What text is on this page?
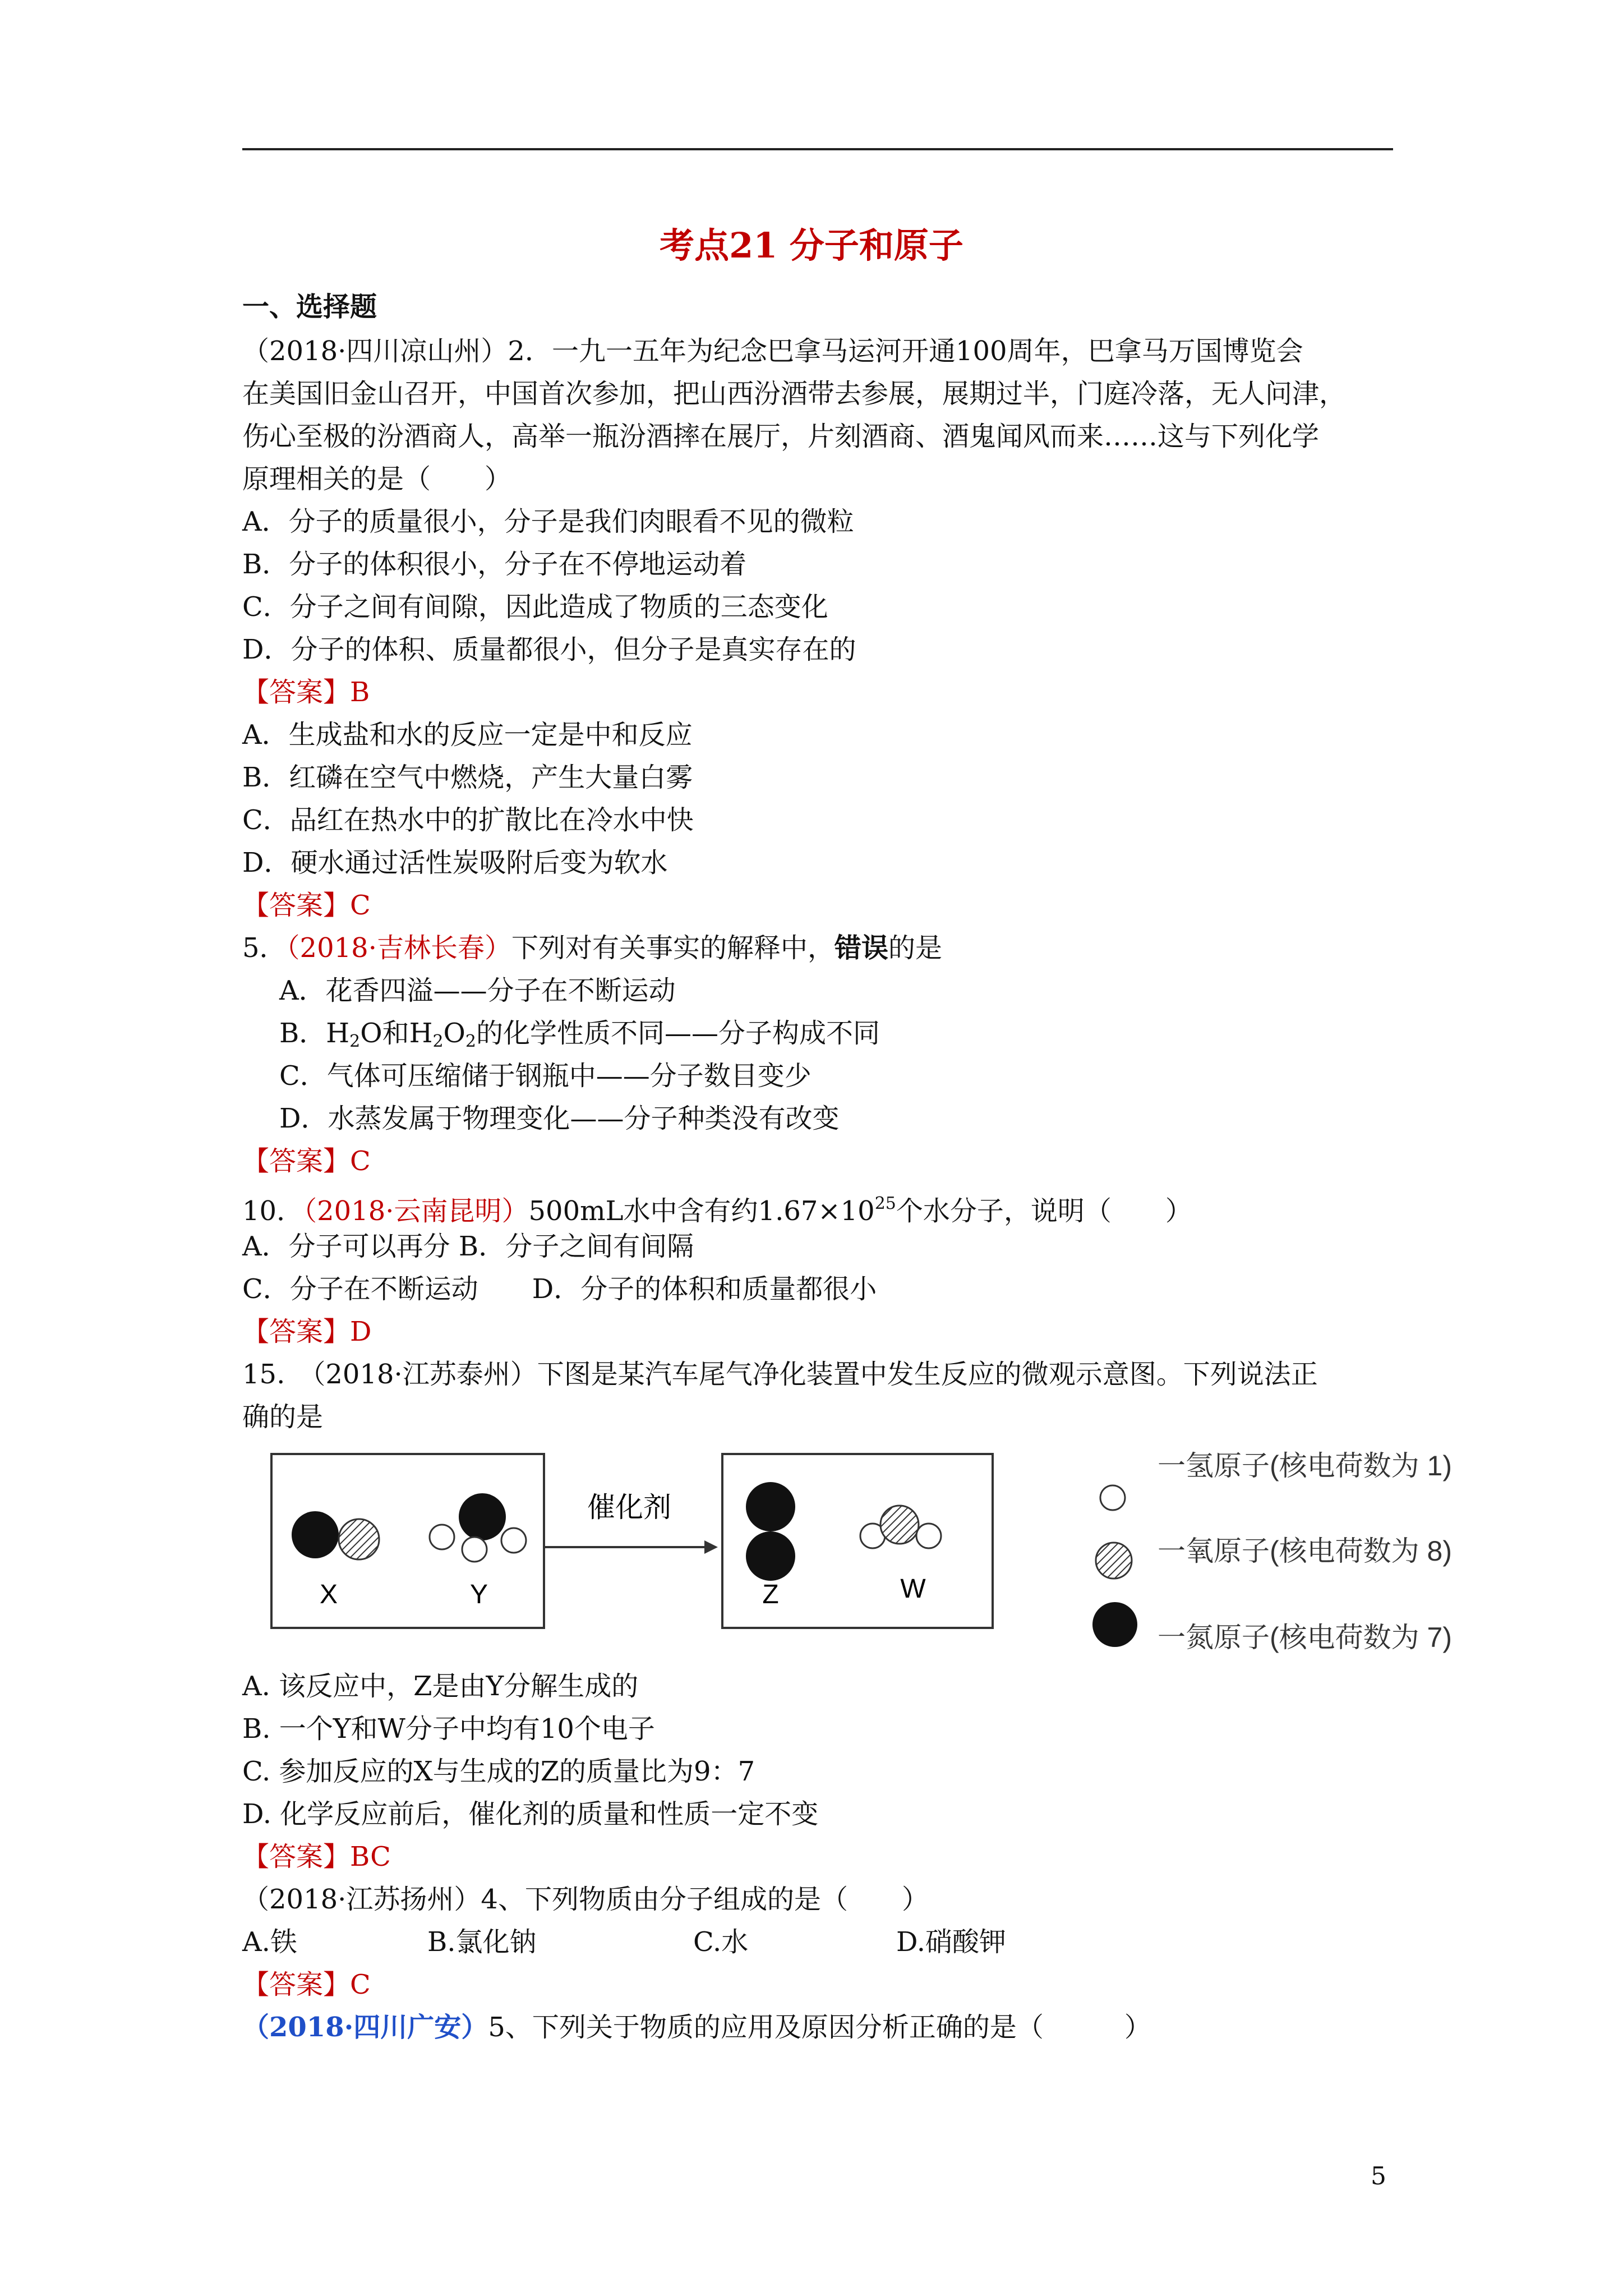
考点21 分子和原子
一、选择题
（2018·四川凉山州）2．一九一五年为纪念巴拿马运河开通100周年，巴拿马万国博览会
在美国旧金山召开，中国首次参加，把山西汾酒带去参展，展期过半，门庭冷落，无人问津，
伤心至极的汾酒商人，高举一瓶汾酒摔在展厅，片刻酒商、酒鬼闻风而来……这与下列化学
原理相关的是（　　）
A．分子的质量很小，分子是我们肉眼看不见的微粒
B．分子的体积很小，分子在不停地运动着
C．分子之间有间隙，因此造成了物质的三态变化
D．分子的体积、质量都很小，但分子是真实存在的
【答案】B
A．生成盐和水的反应一定是中和反应
B．红磷在空气中燃烧，产生大量白雾
C．品红在热水中的扩散比在冷水中快
D．硬水通过活性炭吸附后变为软水
【答案】C
5．（2018·吉林长春）下列对有关事实的解释中，错误的是
A．花香四溢——分子在不断运动
B．$H_2O$和$H_2O_2$的化学性质不同——分子构成不同
C．气体可压缩储于钢瓶中——分子数目变少
D．水蒸发属于物理变化——分子种类没有改变
【答案】C
10．（2018·云南昆明）500mL水中含有约$1.67\times 10^{25}$个水分子，说明（　　）
A．分子可以再分 B．分子之间有间隔
C．分子在不断运动　　D．分子的体积和质量都很小
【答案】D
15.　（2018·江苏泰州）下图是某汽车尾气净化装置中发生反应的微观示意图。下列说法正
确的是
X	Y
催化剂
Z	W
一氢原子(核电荷数为 1)
一氧原子(核电荷数为 8)
一氮原子(核电荷数为 7)
A. 该反应中，Z是由Y分解生成的
B. 一个Y和W分子中均有10个电子
C. 参加反应的X与生成的Z的质量比为9：7
D. 化学反应前后，催化剂的质量和性质一定不变
【答案】BC
（2018·江苏扬州）4、下列物质由分子组成的是（　　）
A.铁	B.氯化钠	C.水	D.硝酸钾
【答案】C
（2018·四川广安）5、下列关于物质的应用及原因分析正确的是（　　　）
5
